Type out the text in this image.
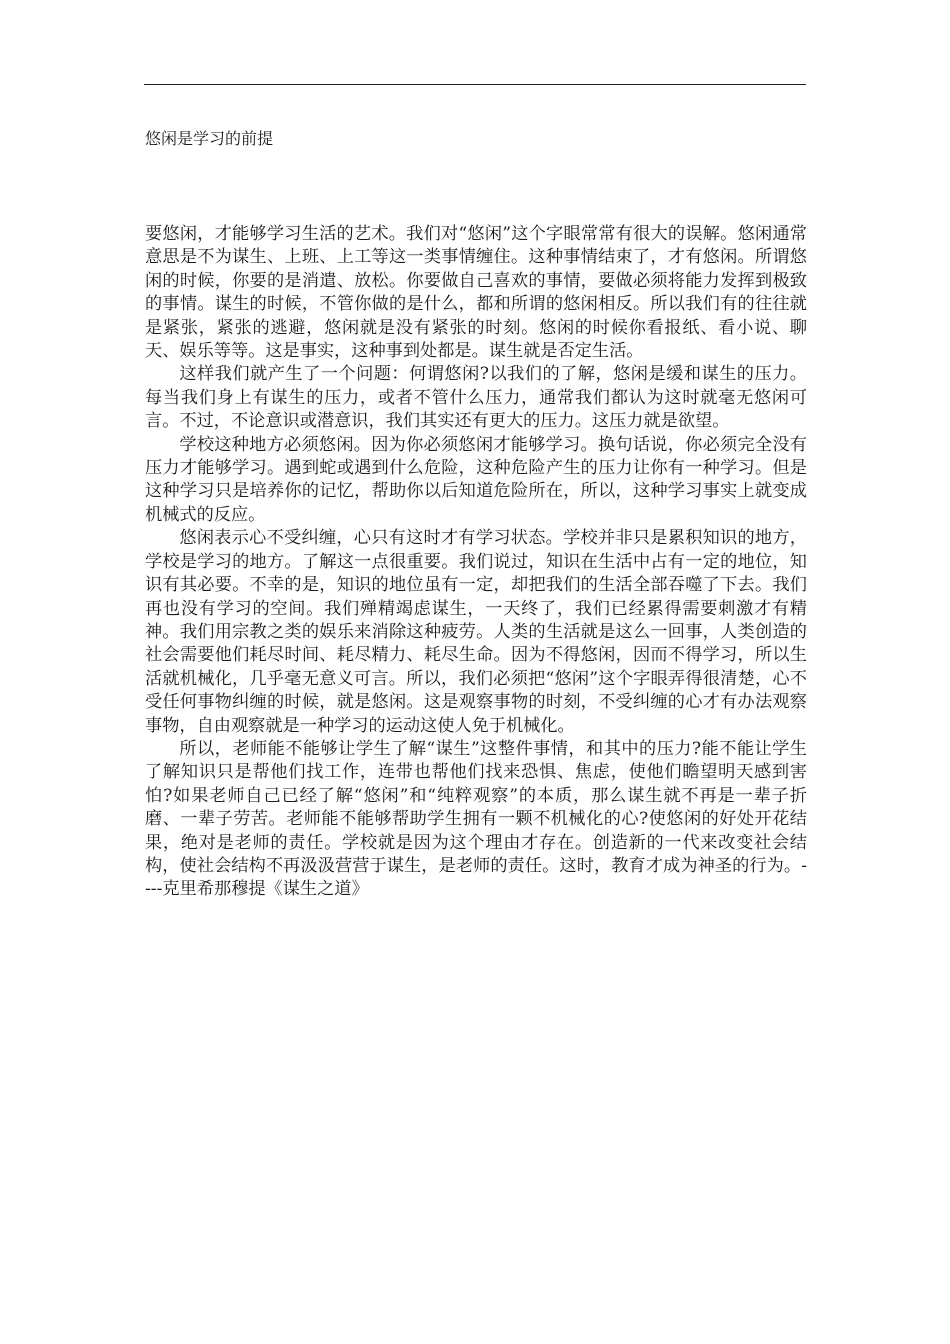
悠闲是学习的前提

要悠闲，才能够学习生活的艺术。我们对“悠闲”这个字眼常常有很大的误解。悠闲通常意思是不为谋生、上班、上工等这一类事情缠住。这种事情结束了，才有悠闲。所谓悠闲的时候，你要的是消遣、放松。你要做自己喜欢的事情，要做必须将能力发挥到极致的事情。谋生的时候，不管你做的是什么，都和所谓的悠闲相反。所以我们有的往往就是紧张，紧张的逃避，悠闲就是没有紧张的时刻。悠闲的时候你看报纸、看小说、聊天、娱乐等等。这是事实，这种事到处都是。谋生就是否定生活。

这样我们就产生了一个问题：何谓悠闲?以我们的了解，悠闲是缓和谋生的压力。每当我们身上有谋生的压力，或者不管什么压力，通常我们都认为这时就毫无悠闲可言。不过，不论意识或潜意识，我们其实还有更大的压力。这压力就是欲望。

学校这种地方必须悠闲。因为你必须悠闲才能够学习。换句话说，你必须完全没有压力才能够学习。遇到蛇或遇到什么危险，这种危险产生的压力让你有一种学习。但是这种学习只是培养你的记忆，帮助你以后知道危险所在，所以，这种学习事实上就变成机械式的反应。

悠闲表示心不受纠缠，心只有这时才有学习状态。学校并非只是累积知识的地方，学校是学习的地方。了解这一点很重要。我们说过，知识在生活中占有一定的地位，知识有其必要。不幸的是，知识的地位虽有一定，却把我们的生活全部吞噬了下去。我们再也没有学习的空间。我们殚精竭虑谋生，一天终了，我们已经累得需要刺激才有精神。我们用宗教之类的娱乐来消除这种疲劳。人类的生活就是这么一回事，人类创造的社会需要他们耗尽时间、耗尽精力、耗尽生命。因为不得悠闲，因而不得学习，所以生活就机械化，几乎毫无意义可言。所以，我们必须把“悠闲”这个字眼弄得很清楚，心不受任何事物纠缠的时候，就是悠闲。这是观察事物的时刻，不受纠缠的心才有办法观察事物，自由观察就是一种学习的运动这使人免于机械化。

所以，老师能不能够让学生了解“谋生”这整件事情，和其中的压力?能不能让学生了解知识只是帮他们找工作，连带也帮他们找来恐惧、焦虑，使他们瞻望明天感到害怕?如果老师自己已经了解“悠闲”和“纯粹观察”的本质，那么谋生就不再是一辈子折磨、一辈子劳苦。老师能不能够帮助学生拥有一颗不机械化的心?使悠闲的好处开花结果，绝对是老师的责任。学校就是因为这个理由才存在。创造新的一代来改变社会结构，使社会结构不再汲汲营营于谋生，是老师的责任。这时，教育才成为神圣的行为。----克里希那穆提《谋生之道》
